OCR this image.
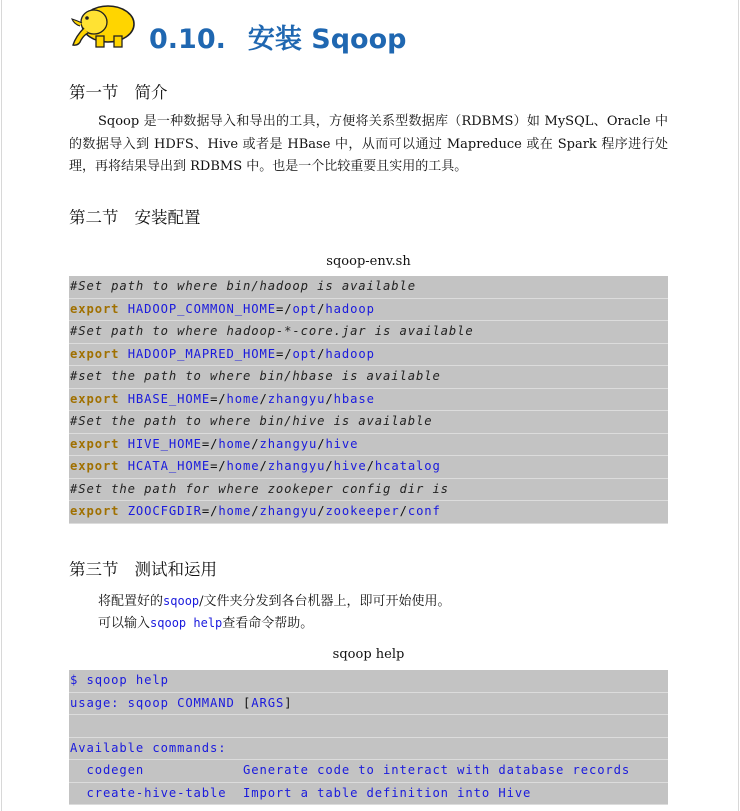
0.10. 安装 Sqoop
第一节 简介

Sqoop 是一种数据导入和导出的工具，方便将关系型数据库（RDBMS）如 MySQL、Oracle 中的数据导入到 HDFS、Hive 或者是 HBase 中，从而可以通过 Mapreduce 或在 Spark 程序进行处理，再将结果导出到 RDBMS 中。也是一个比较重要且实用的工具。

第二节 安装配置
sqoop-env.sh
#Set path to where bin/hadoop is available
export HADOOP_COMMON_HOME=/opt/hadoop
#Set path to where hadoop-*-core.jar is available
export HADOOP_MAPRED_HOME=/opt/hadoop
#set the path to where bin/hbase is available
export HBASE_HOME=/home/zhangyu/hbase
#Set the path to where bin/hive is available
export HIVE_HOME=/home/zhangyu/hive
export HCATA_HOME=/home/zhangyu/hive/hcatalog
#Set the path for where zookeper config dir is
export ZOOCFGDIR=/home/zhangyu/zookeeper/conf
第三节 测试和运用
将配置好的sqoop/文件夹分发到各台机器上，即可开始使用。
可以输入sqoop help查看命令帮助。
sqoop help
$ sqoop help
usage: sqoop COMMAND [ARGS]
Available commands:
codegen            Generate code to interact with database records
create-hive-table  Import a table definition into Hive
